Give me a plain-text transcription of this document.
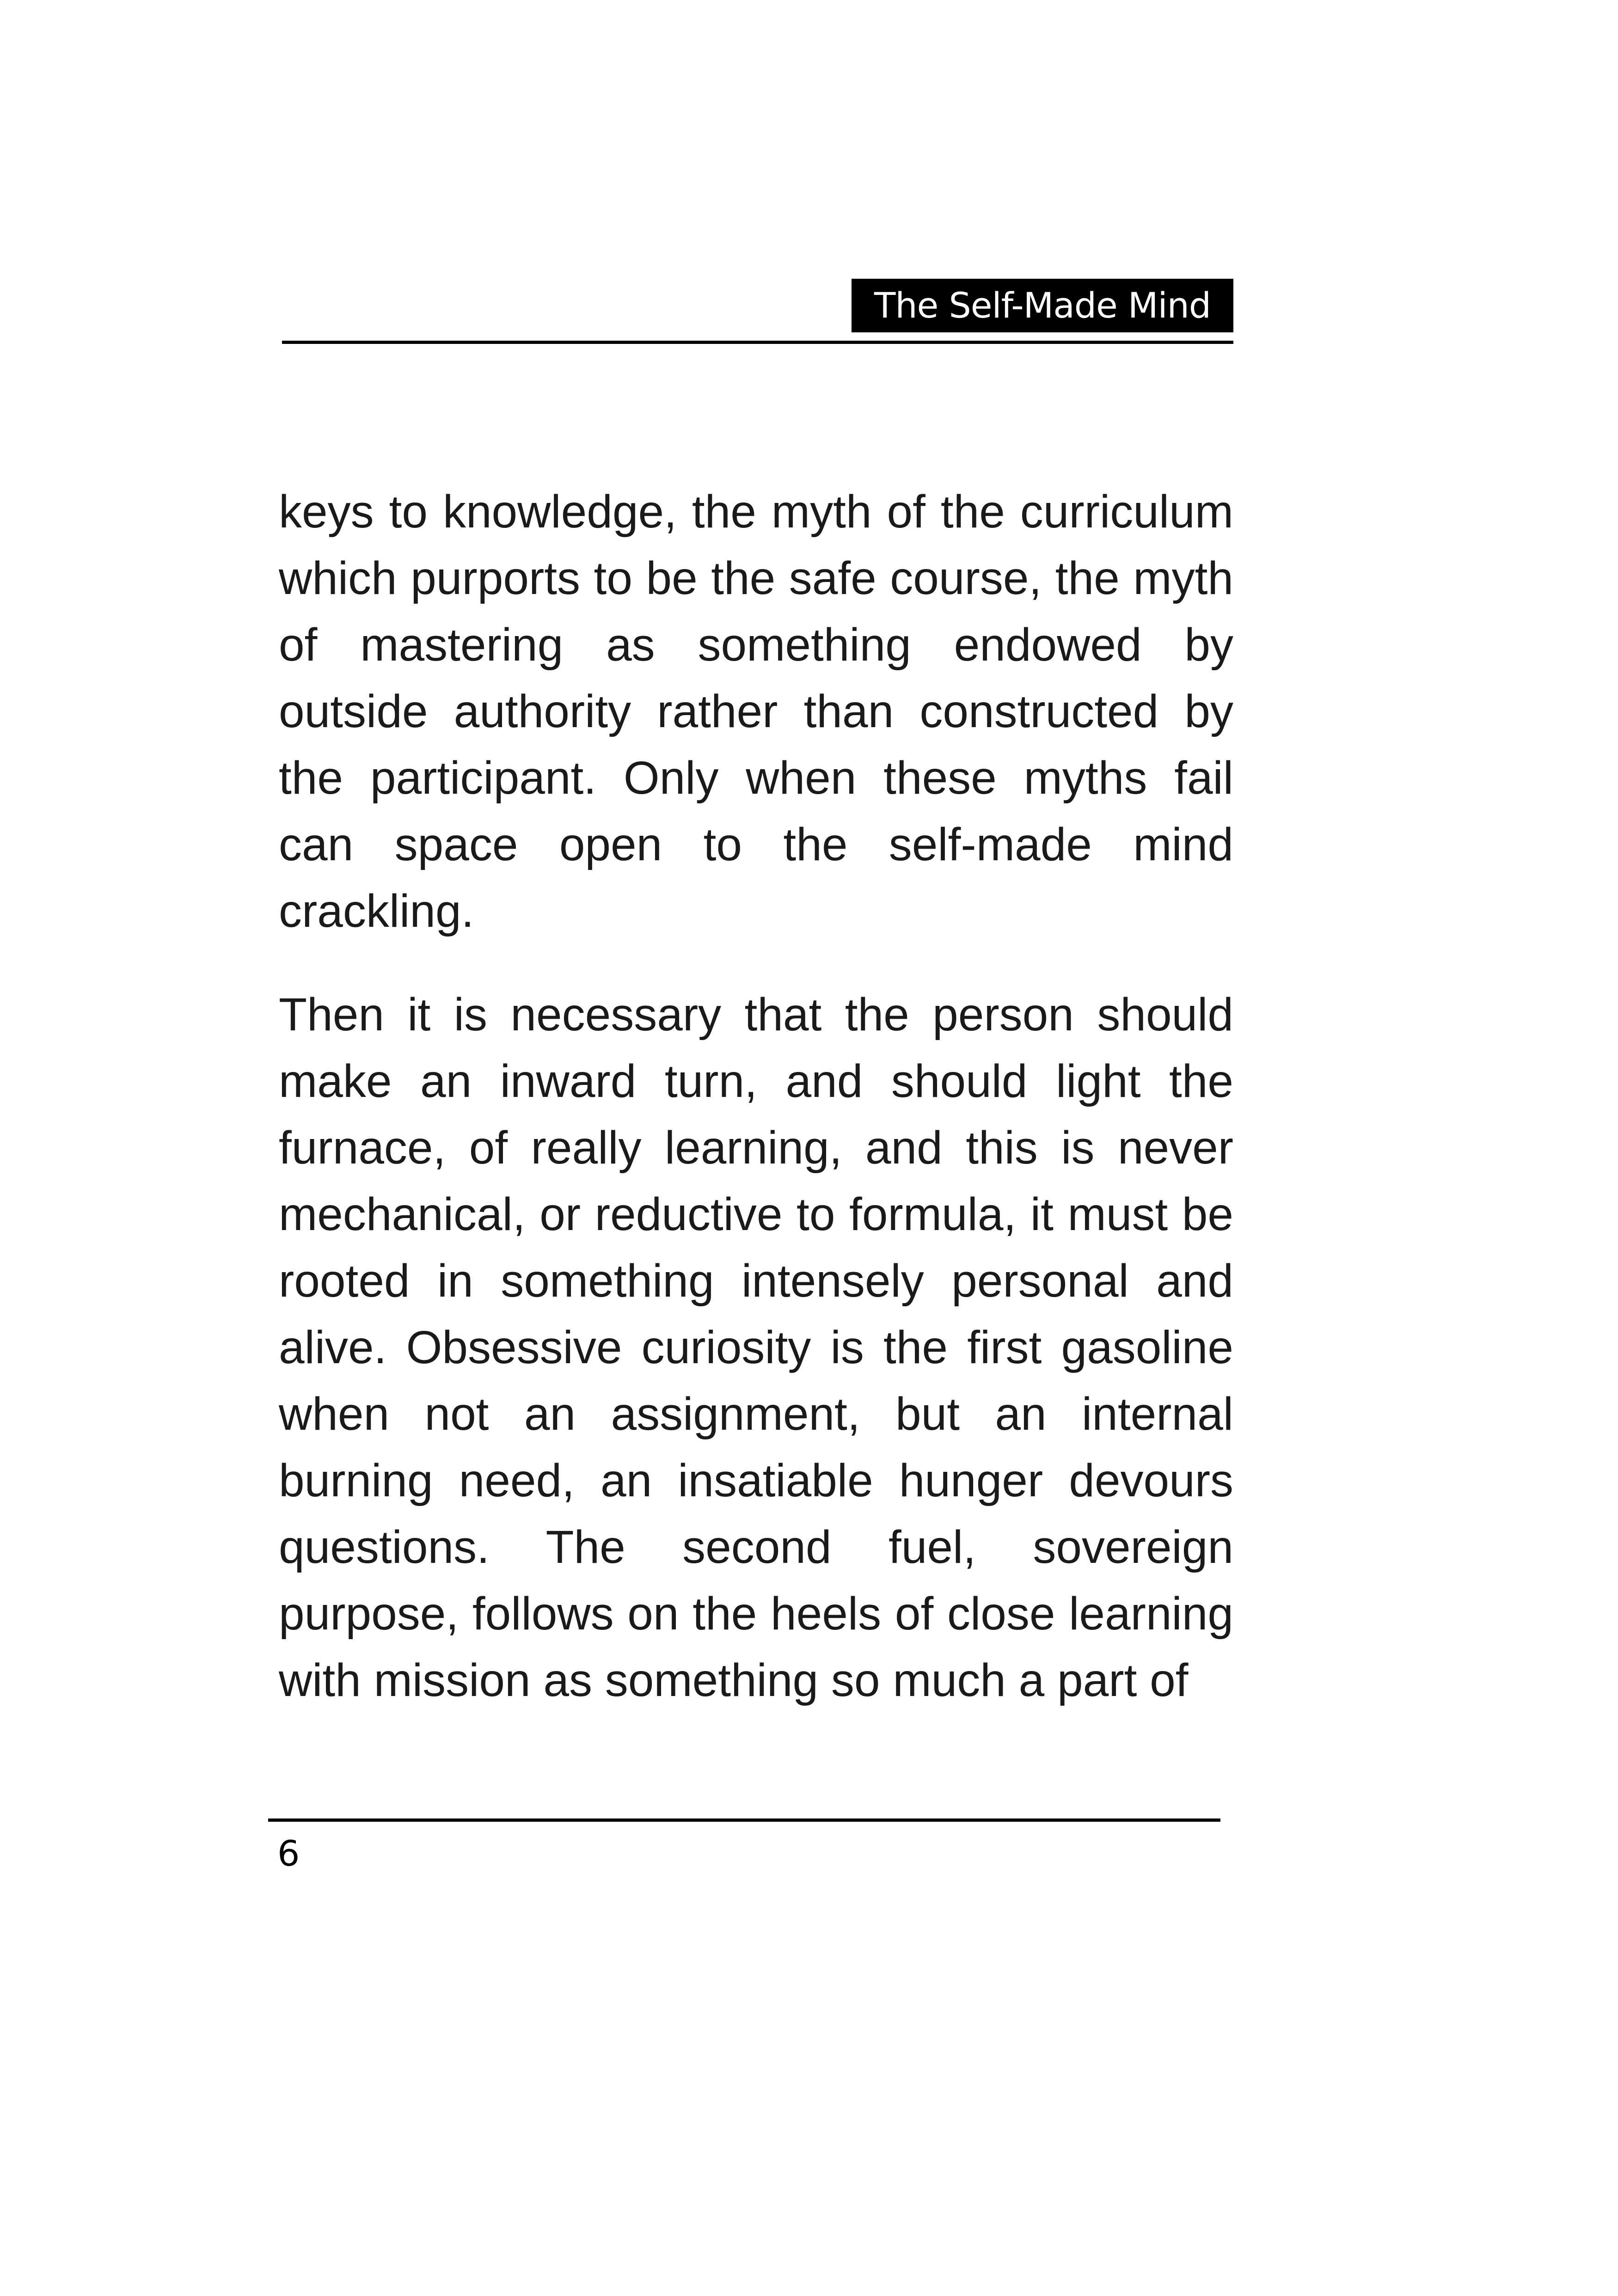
The Self-Made Mind

keys to knowledge, the myth of the curriculum which purports to be the safe course, the myth of mastering as something endowed by outside authority rather than constructed by the participant. Only when these myths fail can space open to the self-made mind crackling.

Then it is necessary that the person should make an inward turn, and should light the furnace, of really learning, and this is never mechanical, or reductive to formula, it must be rooted in something intensely personal and alive. Obsessive curiosity is the first gasoline when not an assignment, but an internal burning need, an insatiable hunger devours questions. The second fuel, sovereign purpose, follows on the heels of close learning with mission as something so much a part of

6
